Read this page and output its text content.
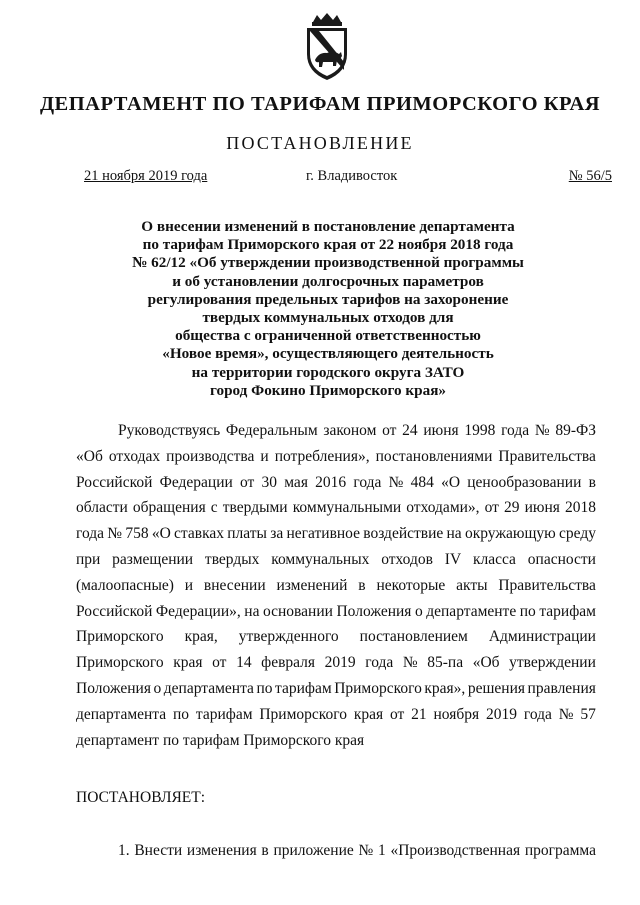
ДЕПАРТАМЕНТ ПО ТАРИФАМ ПРИМОРСКОГО КРАЯ
ПОСТАНОВЛЕНИЕ
21 ноября 2019 года	г. Владивосток	№ 56/5
О внесении изменений в постановление департамента
по тарифам Приморского края от 22 ноября 2018 года
№ 62/12 «Об утверждении производственной программы
и об установлении долгосрочных параметров
регулирования предельных тарифов на захоронение
твердых коммунальных отходов для
общества с ограниченной ответственностью
«Новое время», осуществляющего деятельность
на территории городского округа ЗАТО
город Фокино Приморского края»
Руководствуясь Федеральным законом от 24 июня 1998 года № 89-ФЗ
«Об отходах производства и потребления», постановлениями Правительства
Российской Федерации от 30 мая 2016 года № 484 «О ценообразовании в
области обращения с твердыми коммунальными отходами», от 29 июня 2018
года № 758 «О ставках платы за негативное воздействие на окружающую среду
при размещении твердых коммунальных отходов IV класса опасности
(малоопасные) и внесении изменений в некоторые акты Правительства
Российской Федерации», на основании Положения о департаменте по тарифам
Приморского края, утвержденного постановлением Администрации
Приморского края от 14 февраля 2019 года № 85-па «Об утверждении
Положения о департамента по тарифам Приморского края», решения правления
департамента по тарифам Приморского края от 21 ноября 2019 года № 57
департамент по тарифам Приморского края
ПОСТАНОВЛЯЕТ:
1. Внести изменения в приложение № 1 «Производственная программа
